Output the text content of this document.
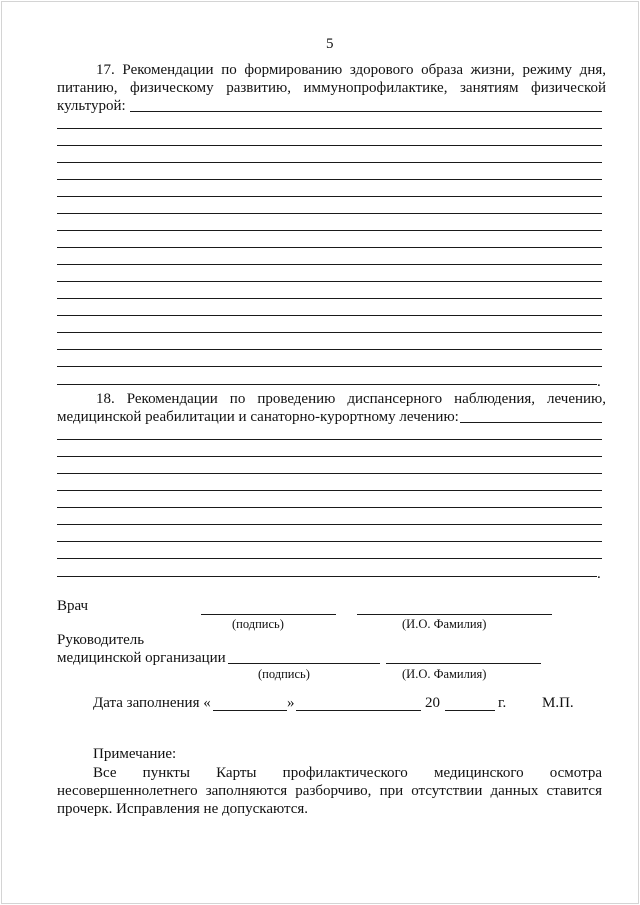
5
17. Рекомендации по формированию здорового образа жизни, режиму дня,
питанию, физическому развитию, иммунопрофилактике, занятиям физической
культурой:
.
18. Рекомендации по проведению диспансерного наблюдения, лечению,
медицинской реабилитации и санаторно-курортному лечению:
.
Врач
(подпись)	(И.О. Фамилия)
Руководитель
медицинской организации
(подпись)	(И.О. Фамилия)
Дата заполнения «	»	20	г. М.П.
Примечание:
Все пункты Карты профилактического медицинского осмотра
несовершеннолетнего заполняются разборчиво, при отсутствии данных ставится
прочерк. Исправления не допускаются.
